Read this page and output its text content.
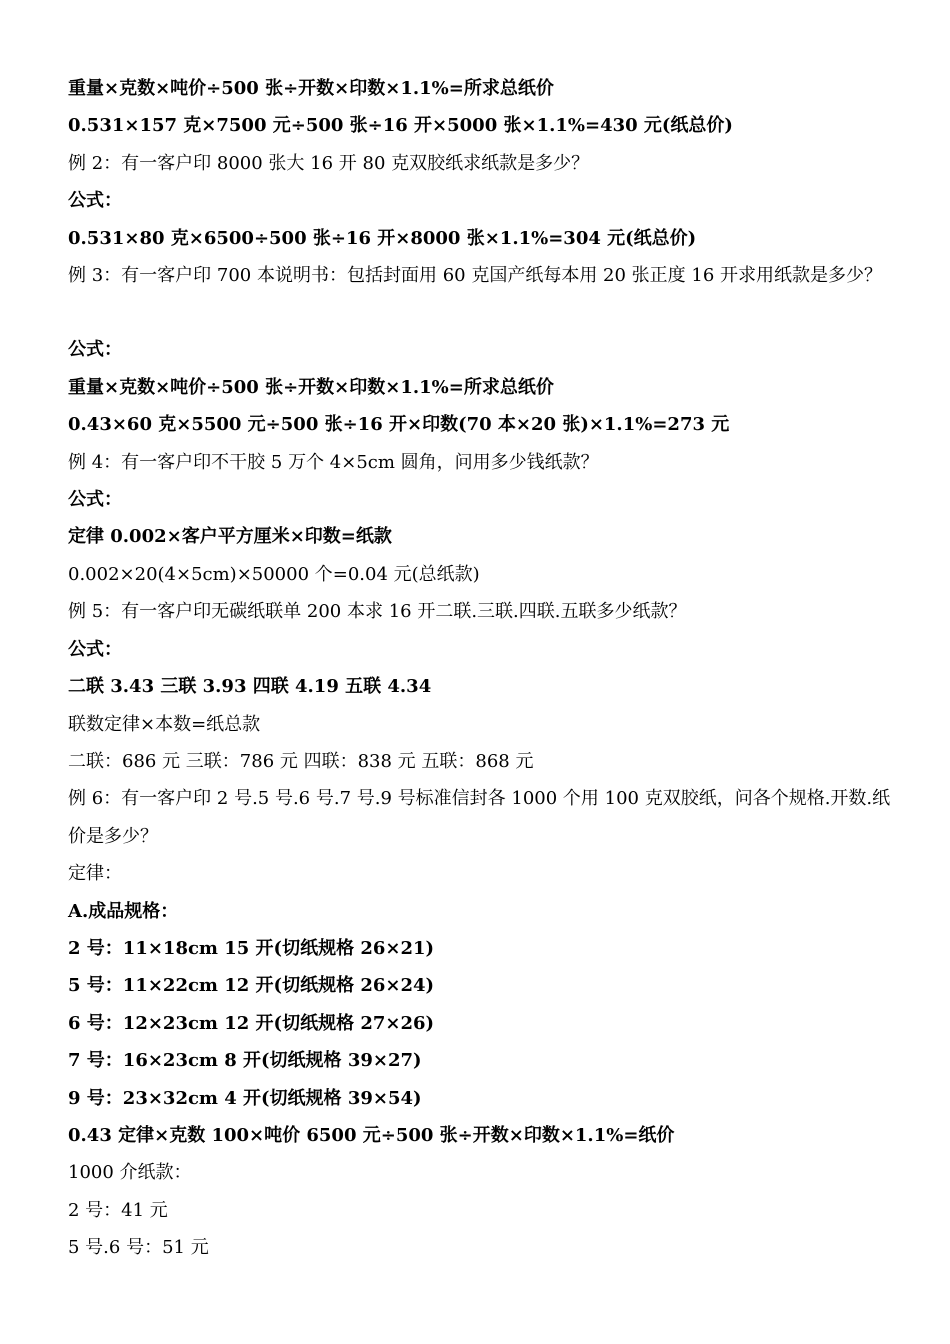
重量×克数×吨价÷500 张÷开数×印数×1.1%=所求总纸价
0.531×157 克×7500 元÷500 张÷16 开×5000 张×1.1%=430 元(纸总价)
例 2：有一客户印 8000 张大 16 开 80 克双胶纸求纸款是多少？
公式：
0.531×80 克×6500÷500 张÷16 开×8000 张×1.1%=304 元(纸总价)
例 3：有一客户印 700 本说明书：包括封面用 60 克国产纸每本用 20 张正度 16 开求用纸款是多少？
公式：
重量×克数×吨价÷500 张÷开数×印数×1.1%=所求总纸价
0.43×60 克×5500 元÷500 张÷16 开×印数(70 本×20 张)×1.1%=273 元
例 4：有一客户印不干胶 5 万个 4×5cm 圆角，问用多少钱纸款？
公式：
定律 0.002×客户平方厘米×印数=纸款
0.002×20(4×5cm)×50000 个=0.04 元(总纸款)
例 5：有一客户印无碳纸联单 200 本求 16 开二联.三联.四联.五联多少纸款？
公式：
二联 3.43 三联 3.93 四联 4.19 五联 4.34
联数定律×本数=纸总款
二联：686 元 三联：786 元 四联：838 元 五联：868 元
例 6：有一客户印 2 号.5 号.6 号.7 号.9 号标准信封各 1000 个用 100 克双胶纸，问各个规格.开数.纸
价是多少？
定律：
A.成品规格：
2 号：11×18cm 15 开(切纸规格 26×21)
5 号：11×22cm 12 开(切纸规格 26×24)
6 号：12×23cm 12 开(切纸规格 27×26)
7 号：16×23cm 8 开(切纸规格 39×27)
9 号：23×32cm 4 开(切纸规格 39×54)
0.43 定律×克数 100×吨价 6500 元÷500 张÷开数×印数×1.1%=纸价
1000 介纸款：
2 号：41 元
5 号.6 号：51 元
